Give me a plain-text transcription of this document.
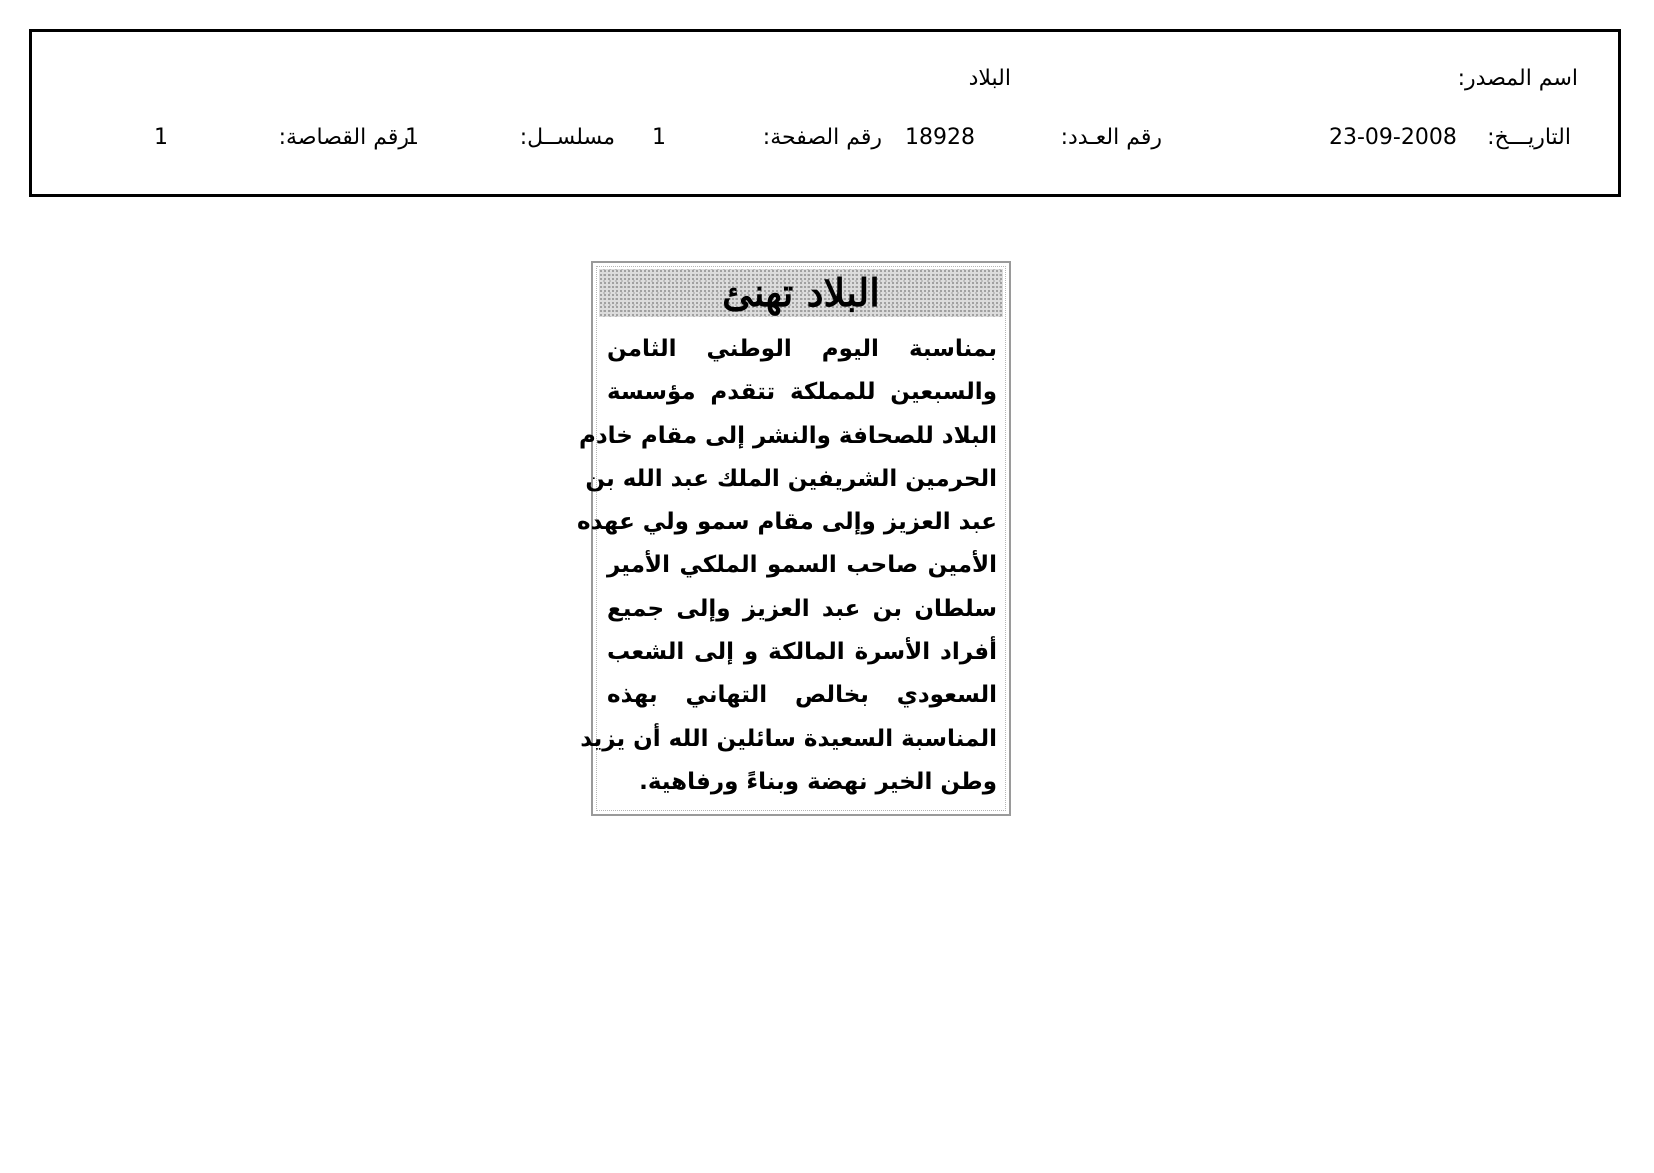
اسم المصدر:
البلاد
التاريـــخ:
23-09-2008
رقم العـدد:
18928
رقم الصفحة:
1
مسلســل:
1
رقم القصاصة:
1
البلاد تهنئ
بمناسبة اليوم الوطني الثامن
والسبعين للمملكة تتقدم مؤسسة
البلاد للصحافة والنشر إلى مقام خادم
الحرمين الشريفين الملك عبد الله بن
عبد العزيز وإلى مقام سمو ولي عهده
الأمين صاحب السمو الملكي الأمير
سلطان بن عبد العزيز وإلى جميع
أفراد الأسرة المالكة و إلى الشعب
السعودي بخالص التهاني بهذه
المناسبة السعيدة سائلين الله أن يزيد
وطن الخير نهضة وبناءً ورفاهية.
